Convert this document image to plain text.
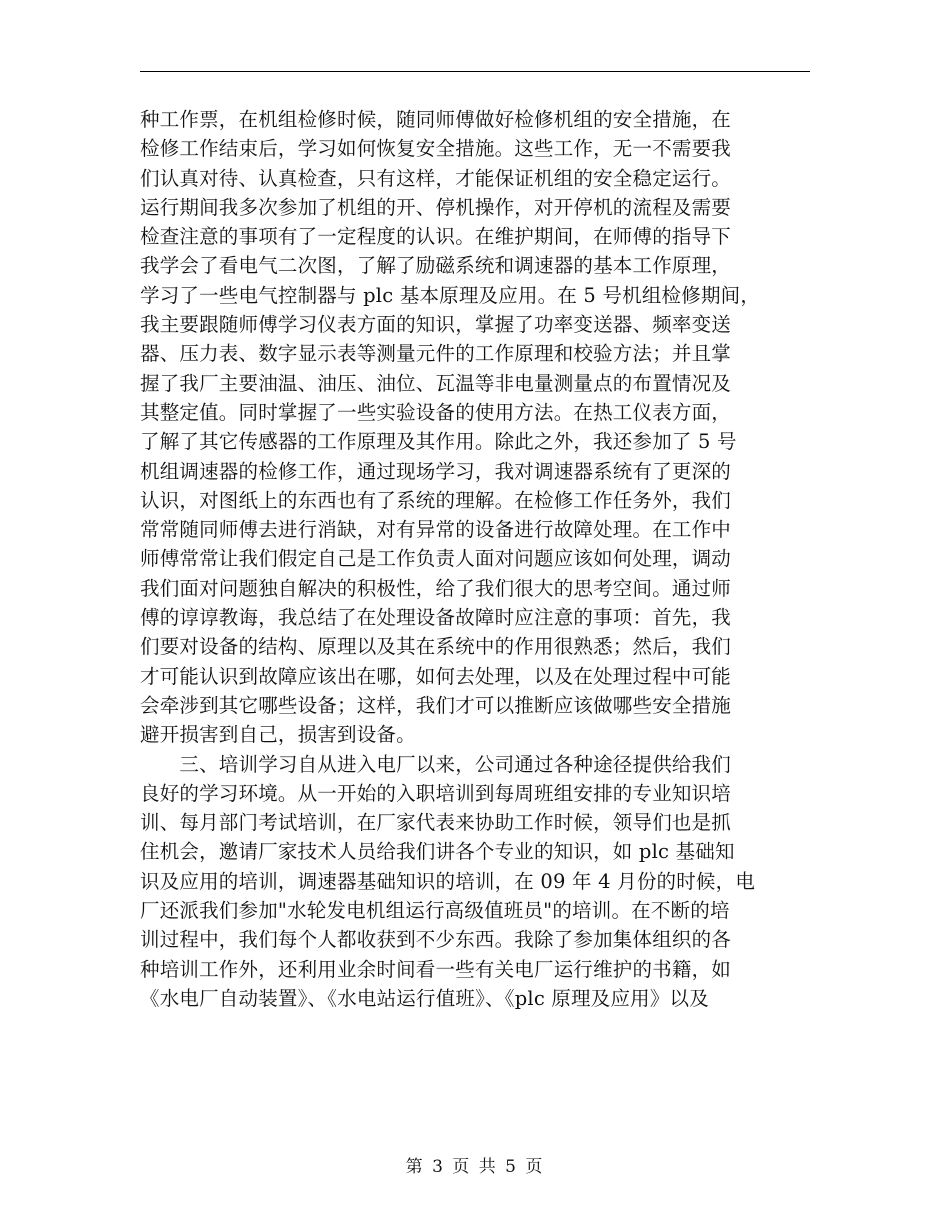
种工作票，在机组检修时候，随同师傅做好检修机组的安全措施，在
检修工作结束后，学习如何恢复安全措施。这些工作，无一不需要我
们认真对待、认真检查，只有这样，才能保证机组的安全稳定运行。
运行期间我多次参加了机组的开、停机操作，对开停机的流程及需要
检查注意的事项有了一定程度的认识。在维护期间，在师傅的指导下
我学会了看电气二次图，了解了励磁系统和调速器的基本工作原理，
学习了一些电气控制器与 plc 基本原理及应用。在 5 号机组检修期间，
我主要跟随师傅学习仪表方面的知识，掌握了功率变送器、频率变送
器、压力表、数字显示表等测量元件的工作原理和校验方法；并且掌
握了我厂主要油温、油压、油位、瓦温等非电量测量点的布置情况及
其整定值。同时掌握了一些实验设备的使用方法。在热工仪表方面，
了解了其它传感器的工作原理及其作用。除此之外，我还参加了 5 号
机组调速器的检修工作，通过现场学习，我对调速器系统有了更深的
认识，对图纸上的东西也有了系统的理解。在检修工作任务外，我们
常常随同师傅去进行消缺，对有异常的设备进行故障处理。在工作中
师傅常常让我们假定自己是工作负责人面对问题应该如何处理，调动
我们面对问题独自解决的积极性，给了我们很大的思考空间。通过师
傅的谆谆教诲，我总结了在处理设备故障时应注意的事项：首先，我
们要对设备的结构、原理以及其在系统中的作用很熟悉；然后，我们
才可能认识到故障应该出在哪，如何去处理，以及在处理过程中可能
会牵涉到其它哪些设备；这样，我们才可以推断应该做哪些安全措施
避开损害到自己，损害到设备。
　　三、培训学习自从进入电厂以来，公司通过各种途径提供给我们
良好的学习环境。从一开始的入职培训到每周班组安排的专业知识培
训、每月部门考试培训，在厂家代表来协助工作时候，领导们也是抓
住机会，邀请厂家技术人员给我们讲各个专业的知识，如 plc 基础知
识及应用的培训，调速器基础知识的培训，在 09 年 4 月份的时候，电
厂还派我们参加"水轮发电机组运行高级值班员"的培训。在不断的培
训过程中，我们每个人都收获到不少东西。我除了参加集体组织的各
种培训工作外，还利用业余时间看一些有关电厂运行维护的书籍，如
《水电厂自动装置》、《水电站运行值班》、《plc 原理及应用》以及
第 3 页 共 5 页
